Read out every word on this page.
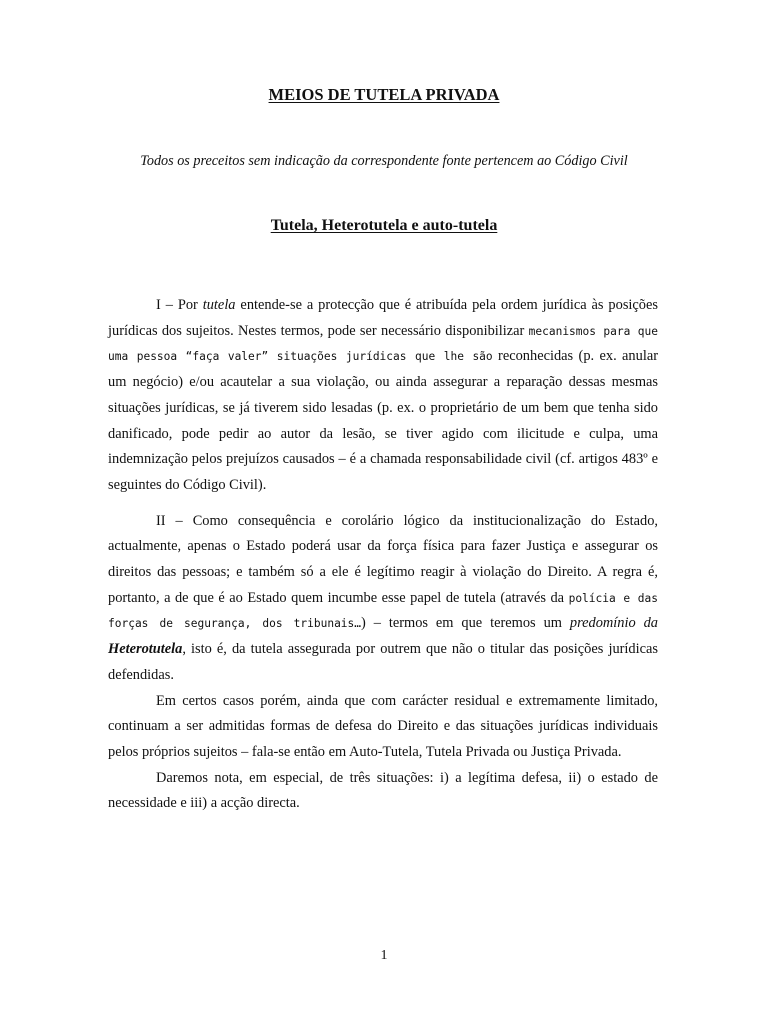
MEIOS DE TUTELA PRIVADA
Todos os preceitos sem indicação da correspondente fonte pertencem ao Código Civil
Tutela, Heterotutela e auto-tutela

I – Por tutela entende-se a protecção que é atribuída pela ordem jurídica às posições jurídicas dos sujeitos. Nestes termos, pode ser necessário disponibilizar mecanismos para que uma pessoa “faça valer” situações jurídicas que lhe são reconhecidas (p. ex. anular um negócio) e/ou acautelar a sua violação, ou ainda assegurar a reparação dessas mesmas situações jurídicas, se já tiverem sido lesadas (p. ex. o proprietário de um bem que tenha sido danificado, pode pedir ao autor da lesão, se tiver agido com ilicitude e culpa, uma indemnização pelos prejuízos causados – é a chamada responsabilidade civil (cf. artigos 483º e seguintes do Código Civil).

II – Como consequência e corolário lógico da institucionalização do Estado, actualmente, apenas o Estado poderá usar da força física para fazer Justiça e assegurar os direitos das pessoas; e também só a ele é legítimo reagir à violação do Direito. A regra é, portanto, a de que é ao Estado quem incumbe esse papel de tutela (através da polícia e das forças de segurança, dos tribunais…) – termos em que teremos um predomínio da Heterotutela, isto é, da tutela assegurada por outrem que não o titular das posições jurídicas defendidas.

Em certos casos porém, ainda que com carácter residual e extremamente limitado, continuam a ser admitidas formas de defesa do Direito e das situações jurídicas individuais pelos próprios sujeitos – fala-se então em Auto-Tutela, Tutela Privada ou Justiça Privada.

Daremos nota, em especial, de três situações: i) a legítima defesa, ii) o estado de necessidade e iii) a acção directa.

1
